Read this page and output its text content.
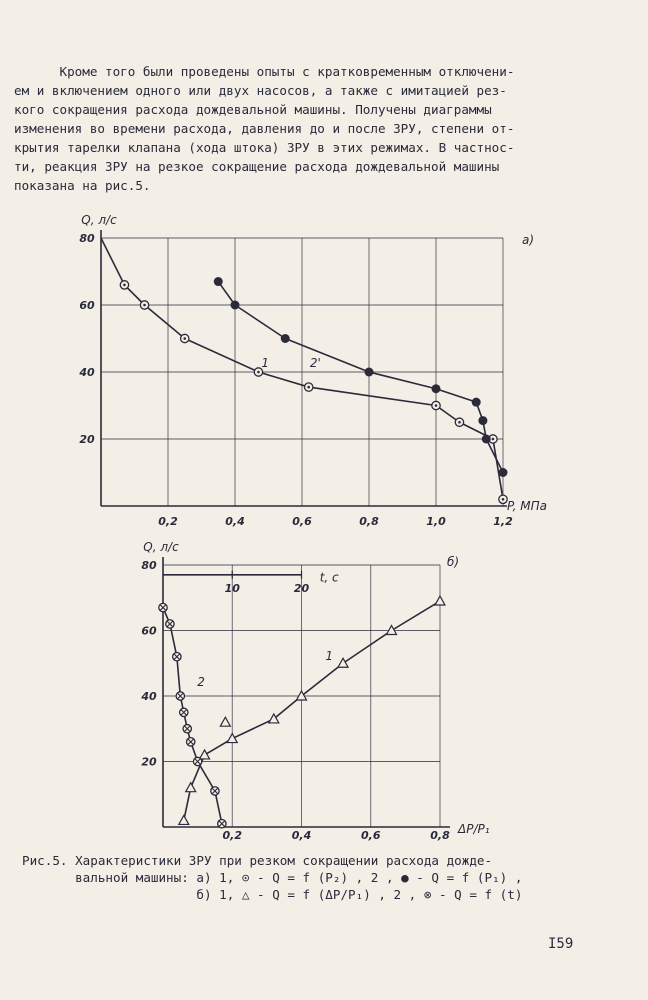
Кроме того были проведены опыты с кратковременным отключени-
ем и включением одного или двух насосов, а также с имитацией рез-
кого сокращения расхода дождевальной машины. Получены диаграммы
изменения во времени расхода, давления до и после ЗРУ, степени от-
крытия тарелки клапана (хода штока) ЗРУ в этих режимах. В частнос-
ти, реакция ЗРУ на резкое сокращение расхода дождевальной машины
показана на рис.5.
0,2	0,4	0,6	0,8	1,0	1,2
20
40
60
80
Q, л/с
P, МПа
а)
1	2'
10	20
t, c
0,2	0,4	0,6	0,8
20
40
60
80
Q, л/с
ΔP/P₁
б)
1
2
Рис.5. Характеристики ЗРУ при резком сокращении расхода дожде-
вальной машины: а) 1, ⊙ - Q = f (P₂) , 2 , ● - Q = f (P₁) ,
б) 1, △ - Q = f (ΔP/P₁) , 2 , ⊗ - Q = f (t)
I59
